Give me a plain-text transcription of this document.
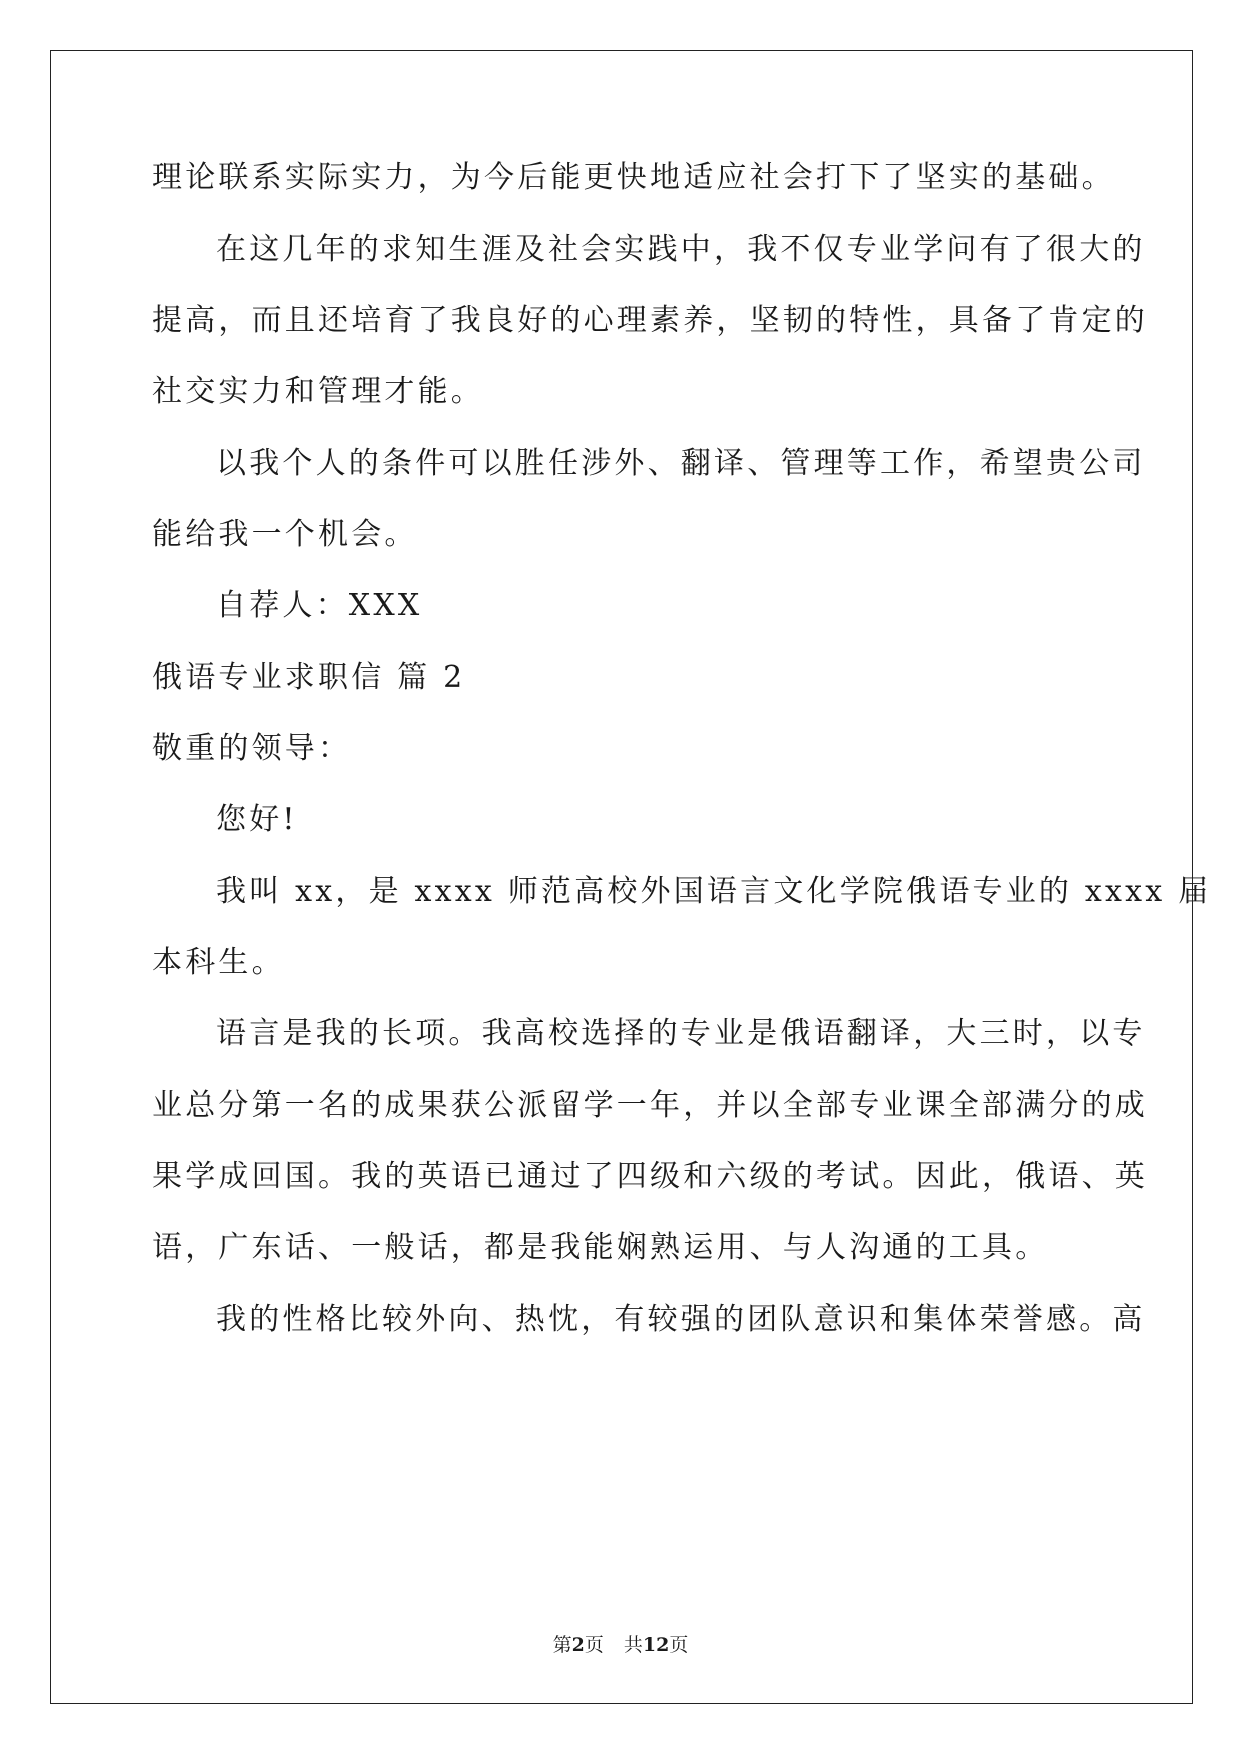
理论联系实际实力，为今后能更快地适应社会打下了坚实的基础。
在这几年的求知生涯及社会实践中，我不仅专业学问有了很大的
提高，而且还培育了我良好的心理素养，坚韧的特性，具备了肯定的
社交实力和管理才能。
以我个人的条件可以胜任涉外、翻译、管理等工作，希望贵公司
能给我一个机会。
自荐人：XXX
俄语专业求职信 篇 2
敬重的领导：
您好!
我叫 xx，是 xxxx 师范高校外国语言文化学院俄语专业的 xxxx 届
本科生。
语言是我的长项。我高校选择的专业是俄语翻译，大三时，以专
业总分第一名的成果获公派留学一年，并以全部专业课全部满分的成
果学成回国。我的英语已通过了四级和六级的考试。因此，俄语、英
语，广东话、一般话，都是我能娴熟运用、与人沟通的工具。
我的性格比较外向、热忱，有较强的团队意识和集体荣誉感。高
第2页 共12页
